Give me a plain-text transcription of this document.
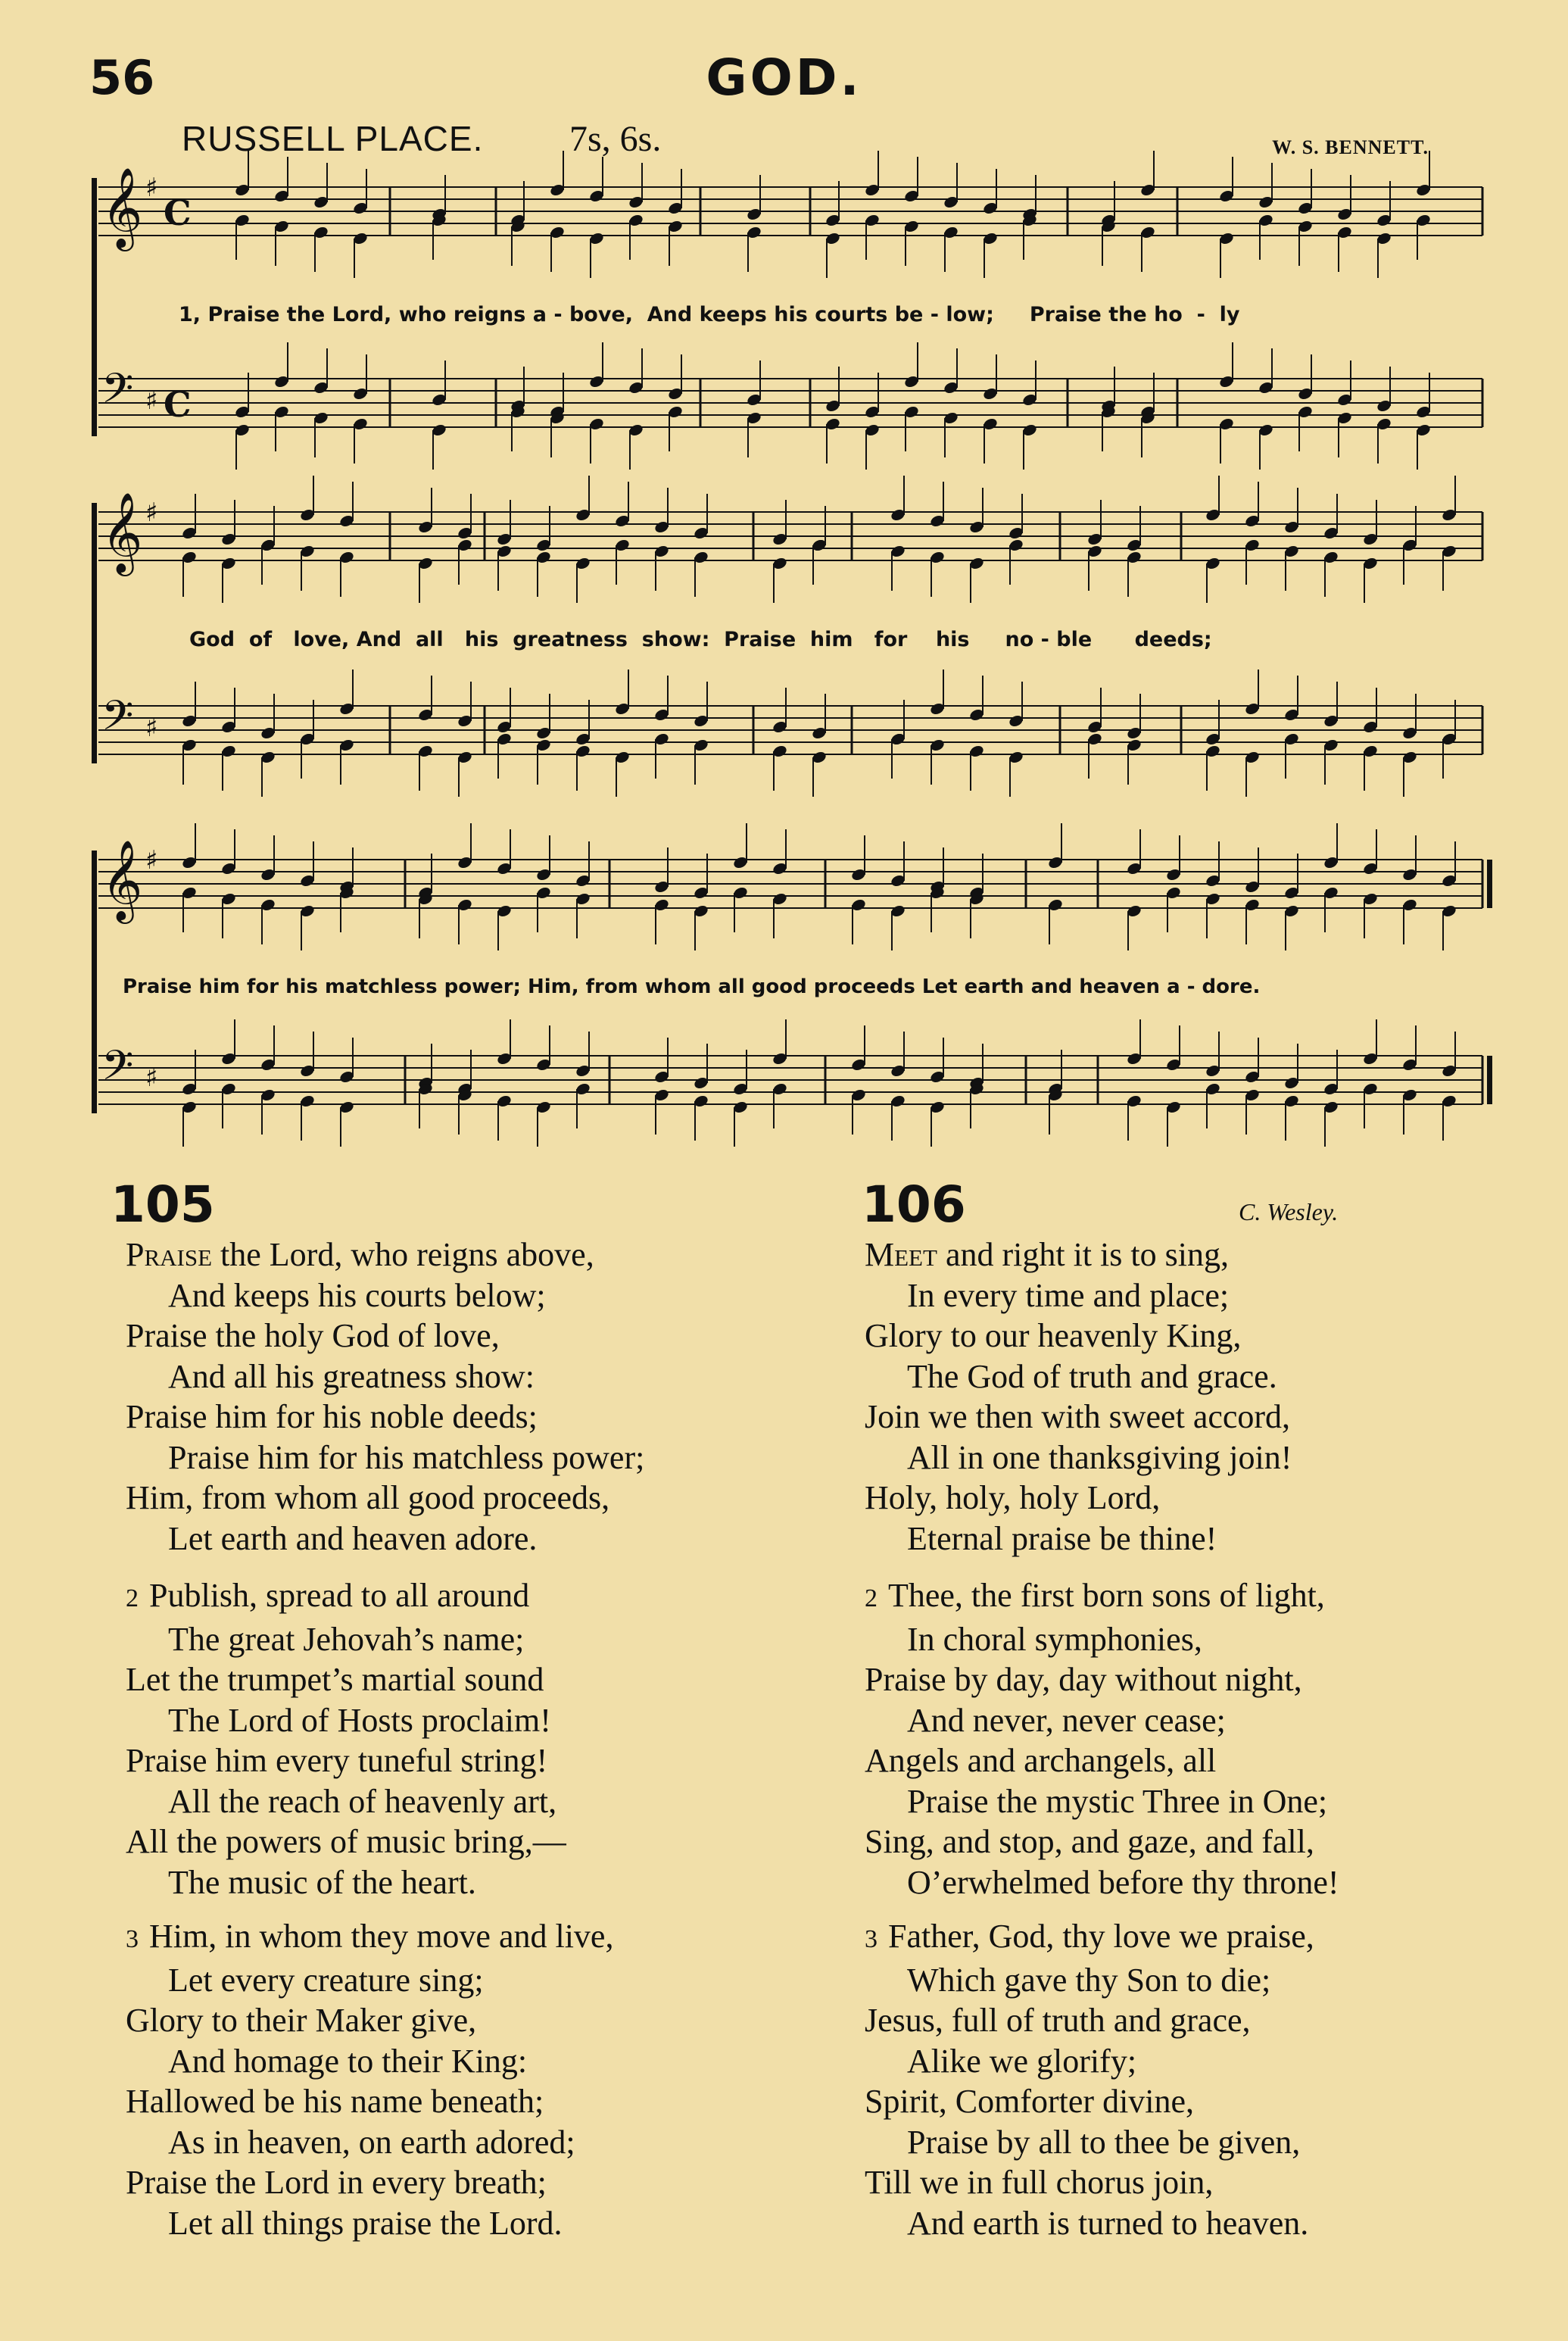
56	GOD.
RUSSELL PLACE. 7s, 6s.	W. S. BENNETT.
𝄞 ♯
C
𝄢 ♯ C
𝄞 ♯
𝄢 ♯
𝄞 ♯
𝄢 ♯
1, Praise the Lord, who reigns a - bove,  And keeps his courts be - low;     Praise the ho  -  ly
God  of   love, And  all   his  greatness  show:  Praise  him   for    his     no - ble      deeds;
Praise him for his matchless power; Him, from whom all good proceeds Let earth and heaven a - dore.
105	106	C. Wesley.
Praise the Lord, who reigns above,
And keeps his courts below;
Praise the holy God of love,
And all his greatness show:
Praise him for his noble deeds;
Praise him for his matchless power;
Him, from whom all good proceeds,
Let earth and heaven adore.
2 Publish, spread to all around
The great Jehovah’s name;
Let the trumpet’s martial sound
The Lord of Hosts proclaim!
Praise him every tuneful string!
All the reach of heavenly art,
All the powers of music bring,—
The music of the heart.
3 Him, in whom they move and live,
Let every creature sing;
Glory to their Maker give,
And homage to their King:
Hallowed be his name beneath;
As in heaven, on earth adored;
Praise the Lord in every breath;
Let all things praise the Lord.
Meet and right it is to sing,
In every time and place;
Glory to our heavenly King,
The God of truth and grace.
Join we then with sweet accord,
All in one thanksgiving join!
Holy, holy, holy Lord,
Eternal praise be thine!
2 Thee, the first born sons of light,
In choral symphonies,
Praise by day, day without night,
And never, never cease;
Angels and archangels, all
Praise the mystic Three in One;
Sing, and stop, and gaze, and fall,
O’erwhelmed before thy throne!
3 Father, God, thy love we praise,
Which gave thy Son to die;
Jesus, full of truth and grace,
Alike we glorify;
Spirit, Comforter divine,
Praise by all to thee be given,
Till we in full chorus join,
And earth is turned to heaven.
